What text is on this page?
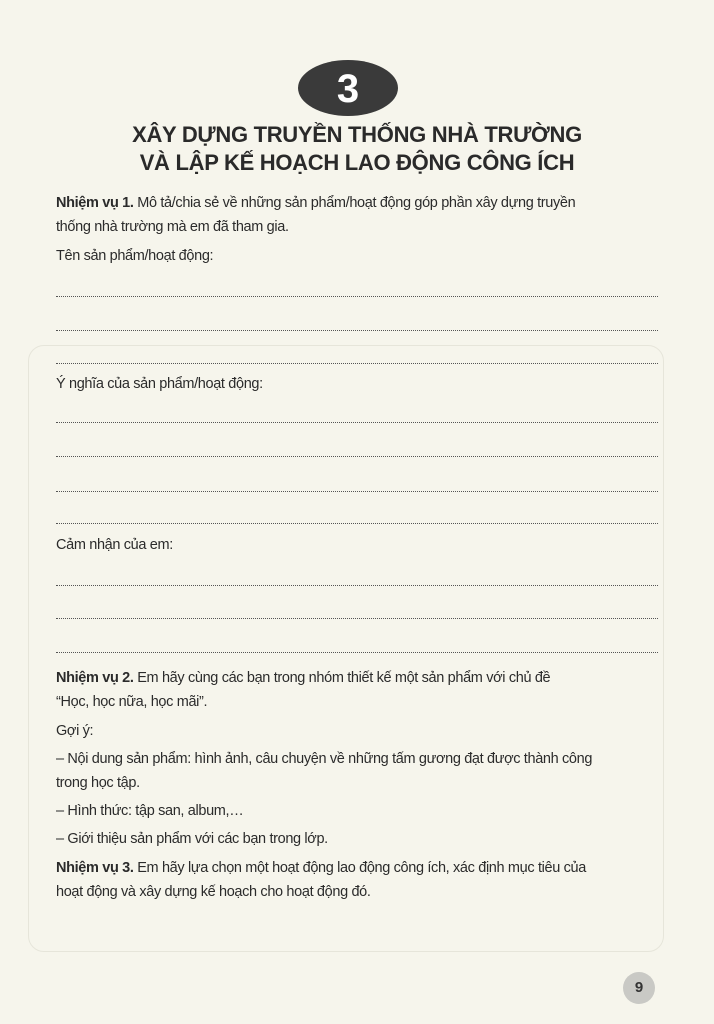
3
XÂY DỰNG TRUYỀN THỐNG NHÀ TRƯỜNG
VÀ LẬP KẾ HOẠCH LAO ĐỘNG CÔNG ÍCH
Nhiệm vụ 1. Mô tả/chia sẻ về những sản phẩm/hoạt động góp phần xây dựng truyền
thống nhà trường mà em đã tham gia.
Tên sản phẩm/hoạt động:
Ý nghĩa của sản phẩm/hoạt động:
Cảm nhận của em:
Nhiệm vụ 2. Em hãy cùng các bạn trong nhóm thiết kế một sản phẩm với chủ đề
“Học, học nữa, học mãi”.
Gợi ý:
– Nội dung sản phẩm: hình ảnh, câu chuyện về những tấm gương đạt được thành công
trong học tập.
– Hình thức: tập san, album,…
– Giới thiệu sản phẩm với các bạn trong lớp.
Nhiệm vụ 3. Em hãy lựa chọn một hoạt động lao động công ích, xác định mục tiêu của
hoạt động và xây dựng kế hoạch cho hoạt động đó.
9
